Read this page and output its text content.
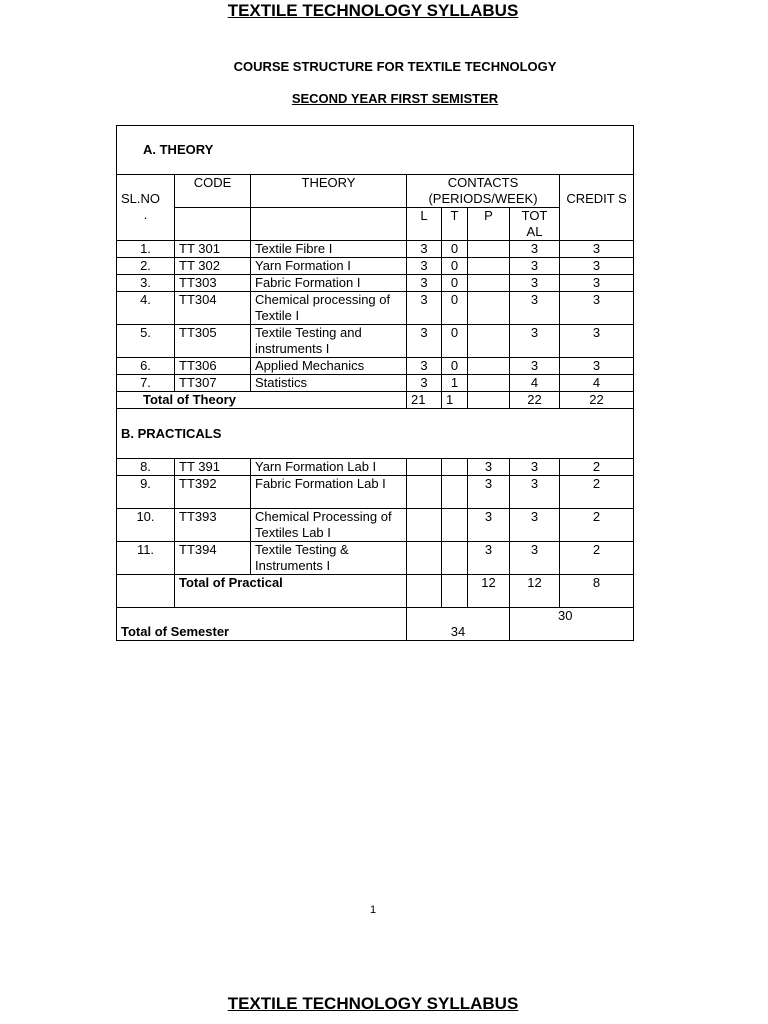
TEXTILE TECHNOLOGY SYLLABUS
COURSE STRUCTURE FOR TEXTILE TECHNOLOGY
SECOND YEAR FIRST SEMISTER
A. THEORY							

SL.NO
.	CODE	THEORY	CONTACTS (PERIODS/WEEK)				CREDIT S
			L	T	P	TOT AL	
1.	TT 301	Textile Fibre I	3	0		3	3
2.	TT 302	Yarn Formation I	3	0		3	3
3.	TT303	Fabric Formation I	3	0		3	3
4.	TT304	Chemical processing of Textile I	3	0		3	3
5.	TT305	Textile Testing and instruments I	3	0		3	3
6.	TT306	Applied Mechanics	3	0		3	3
7.	TT307	Statistics	3	1		4	4
Total of Theory			21	1		22	22
B. PRACTICALS							
8.	TT 391	Yarn Formation Lab I			3	3	2
9.	TT392	Fabric Formation Lab I			3	3	2
10.	TT393	Chemical Processing of Textiles Lab I			3	3	2
11.	TT394	Textile Testing & Instruments I			3	3	2
	Total of Practical				12	12	8
Total of Semester			34			30	
1
TEXTILE TECHNOLOGY SYLLABUS
